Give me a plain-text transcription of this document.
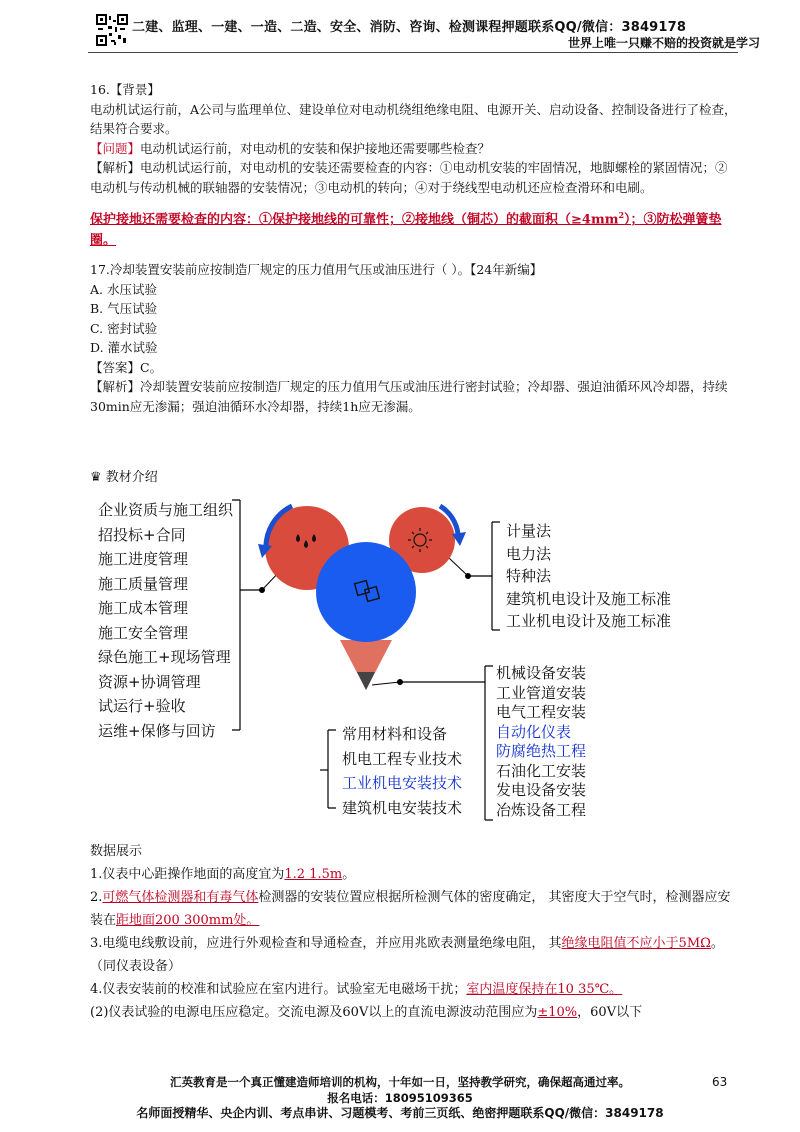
二建、监理、一建、一造、二造、安全、消防、咨询、检测课程押题联系QQ/微信：3849178
世界上唯一只赚不赔的投资就是学习

16.【背景】

电动机试运行前，A公司与监理单位、建设单位对电动机绕组绝缘电阻、电源开关、启动设备、控制设备进行了检查，结果符合要求。

【问题】电动机试运行前，对电动机的安装和保护接地还需要哪些检查？

【解析】电动机试运行前，对电动机的安装还需要检查的内容：①电动机安装的牢固情况，地脚螺栓的紧固情况；②电动机与传动机械的联轴器的安装情况；③电动机的转向；④对于绕线型电动机还应检查滑环和电刷。

保护接地还需要检查的内容：①保护接地线的可靠性；②接地线（铜芯）的截面积$(\ge 4mm^2)$；③防松弹簧垫圈。

17.冷却装置安装前应按制造厂规定的压力值用气压或油压进行（ ）。【24年新编】

A. 水压试验

B. 气压试验

C. 密封试验

D. 灌水试验

【答案】C。

【解析】冷却装置安装前应按制造厂规定的压力值用气压或油压进行密封试验；冷却器、强迫油循环风冷却器，持续30min应无渗漏；强迫油循环水冷却器，持续1h应无渗漏。

♛ 教材介绍
企业资质与施工组织
招投标+合同
施工进度管理
施工质量管理
施工成本管理
施工安全管理
绿色施工+现场管理
资源+协调管理
试运行+验收
运维+保修与回访
计量法
电力法
特种法
建筑机电设计及施工标准
工业机电设计及施工标准
常用材料和设备
机电工程专业技术
工业机电安装技术
建筑机电安装技术
机械设备安装
工业管道安装
电气工程安装
自动化仪表
防腐绝热工程
石油化工安装
发电设备安装
冶炼设备工程

数据展示

1.仪表中心距操作地面的高度宜为1.2 1.5m。

2.可燃气体检测器和有毒气体检测器的安装位置应根据所检测气体的密度确定， 其密度大于空气时，检测器应安装在距地面200 300mm处。

3.电缆电线敷设前，应进行外观检查和导通检查，并应用兆欧表测量绝缘电阻， 其绝缘电阻值不应小于5MΩ。（同仪表设备）

4.仪表安装前的校准和试验应在室内进行。试验室无电磁场干扰；室内温度保持在10 35℃。

(2)仪表试验的电源电压应稳定。交流电源及60V以上的直流电源波动范围应为±10%，60V以下

汇英教育是一个真正懂建造师培训的机构，十年如一日，坚持教学研究，确保超高通过率。	63
报名电话：18095109365
名师面授精华、央企内训、考点串讲、习题模考、考前三页纸、绝密押题联系QQ/微信：3849178
